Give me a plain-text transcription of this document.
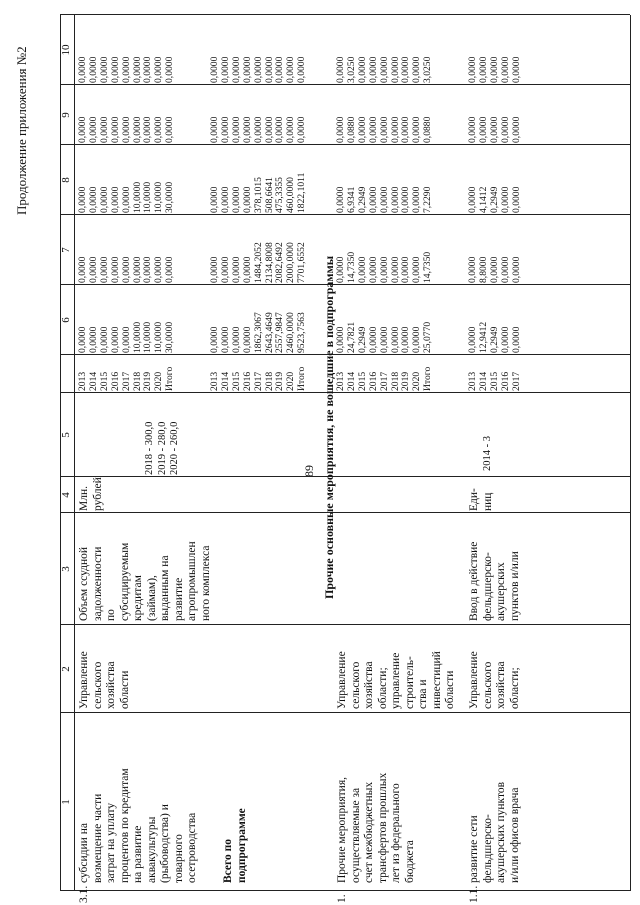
Продолжение приложения №2
89
1
2
3
4
5
6
7
8
9
10
3.1.
субсидии на
возмещение части
затрат на уплату
процентов по кредитам
на развитие
аквакультуры
(рыбоводства) и
товарного
осетроводства
Управление
сельского
хозяйства
области
Объем ссудной
задолженности
по
субсидируемым
кредитам
(займам),
выданным на
развитие
агропромышлен
ного комплекса
Млн.
рублей
2018 - 300,0
2019 - 280,0
2020 - 260,0
2013
2014
2015
2016
2017
2018
2019
2020
Итого
0,0000
0,0000
0,0000
0,0000
0,0000
10,0000
10,0000
10,0000
30,0000
0,0000
0,0000
0,0000
0,0000
0,0000
0,0000
0,0000
0,0000
0,0000
0,0000
0,0000
0,0000
0,0000
0,0000
10,0000
10,0000
10,0000
30,0000
0,0000
0,0000
0,0000
0,0000
0,0000
0,0000
0,0000
0,0000
0,0000
0,0000
0,0000
0,0000
0,0000
0,0000
0,0000
0,0000
0,0000
0,0000
Всего по
подпрограмме
2013
2014
2015
2016
2017
2018
2019
2020
Итого
0,0000
0,0000
0,0000
0,0000
1862,3067
2643,4649
2557,9847
2460,0000
9523,7563
0,0000
0,0000
0,0000
0,0000
1484,2052
2134,8008
2082,6492
2000,0000
7701,6552
0,0000
0,0000
0,0000
0,0000
378,1015
508,6641
475,3355
460,0000
1822,1011
0,0000
0,0000
0,0000
0,0000
0,0000
0,0000
0,0000
0,0000
0,0000
0,0000
0,0000
0,0000
0,0000
0,0000
0,0000
0,0000
0,0000
0,0000
Прочие основные мероприятия, не вошедшие в подпрограммы
1.
Прочие мероприятия,
осуществляемые за
счет межбюджетных
трансфертов прошлых
лет из федерального
бюджета
Управление
сельского
хозяйства
области;
управление
строитель-
ства и
инвестиций
области
2013
2014
2015
2016
2017
2018
2019
2020
Итого
0,0000
24,7821
0,2949
0,0000
0,0000
0,0000
0,0000
0,0000
25,0770
0,0000
14,7350
0,0000
0,0000
0,0000
0,0000
0,0000
0,0000
14,7350
0,0000
6,9341
0,2949
0,0000
0,0000
0,0000
0,0000
0,0000
7,2290
0,0000
0,0880
0,0000
0,0000
0,0000
0,0000
0,0000
0,0000
0,0880
0,0000
3,0250
0,0000
0,0000
0,0000
0,0000
0,0000
0,0000
3,0250
1.1.
развитие сети
фельдшерско-
акушерских пунктов
и/или офисов врача
Управление
сельского
хозяйства
области;
Ввод в действие
фельдшерско-
акушерских
пунктов и/или
Еди-
ниц
2014 - 3
2013
2014
2015
2016
2017
0,0000
12,9412
0,2949
0,0000
0,0000
0,0000
8,8000
0,0000
0,0000
0,0000
0,0000
4,1412
0,2949
0,0000
0,0000
0,0000
0,0000
0,0000
0,0000
0,0000
0,0000
0,0000
0,0000
0,0000
0,0000
